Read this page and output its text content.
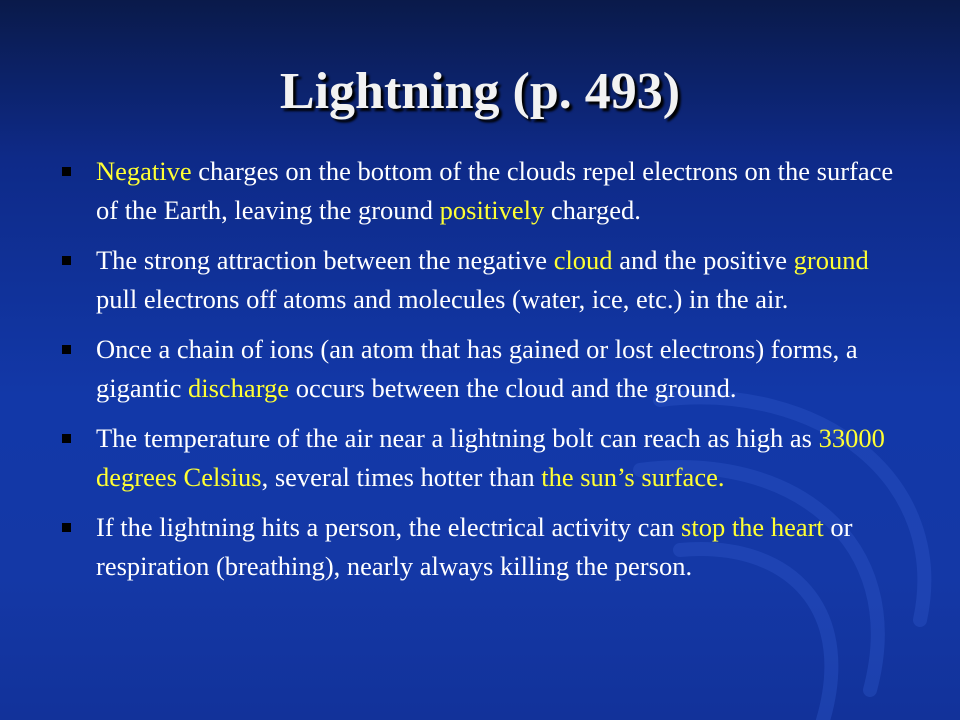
Lightning (p. 493)
Negative charges on the bottom of the clouds repel electrons on the surface of the Earth, leaving the ground positively charged.
The strong attraction between the negative cloud and the positive ground pull electrons off atoms and molecules (water, ice, etc.) in the air.
Once a chain of ions (an atom that has gained or lost electrons) forms, a gigantic discharge occurs between the cloud and the ground.
The temperature of the air near a lightning bolt can reach as high as 33000 degrees Celsius, several times hotter than the sun’s surface.
If the lightning hits a person, the electrical activity can stop the heart or respiration (breathing), nearly always killing the person.
